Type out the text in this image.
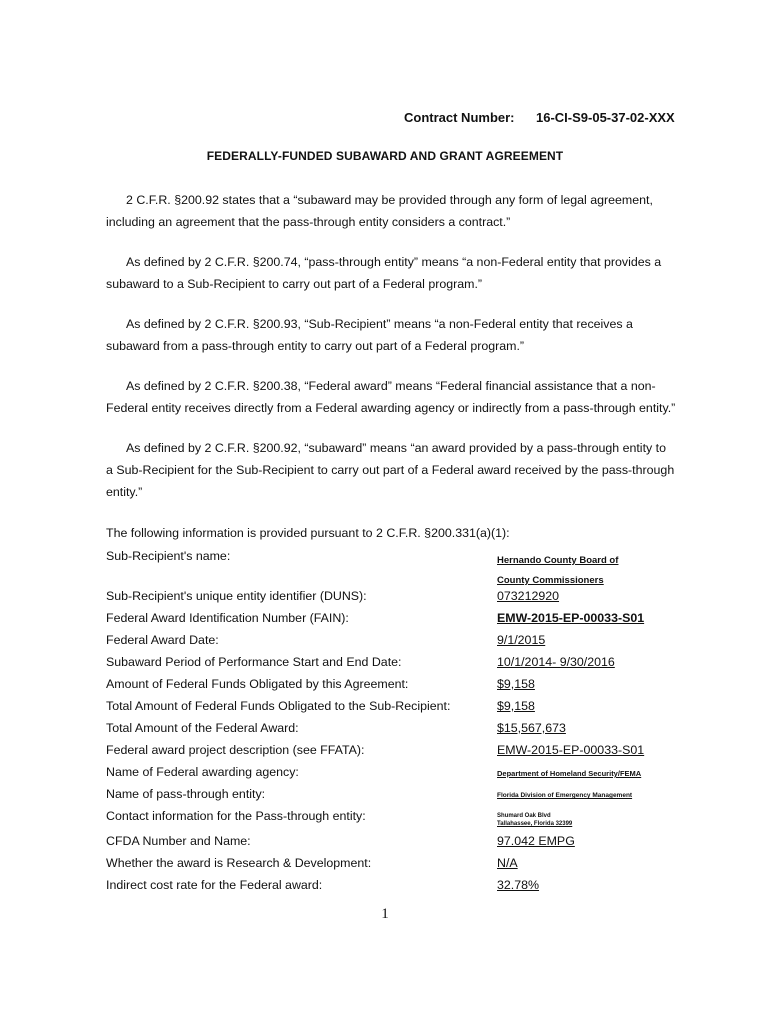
Contract Number: 16-CI-S9-05-37-02-XXX
FEDERALLY-FUNDED SUBAWARD AND GRANT AGREEMENT
2 C.F.R. §200.92 states that a “subaward may be provided through any form of legal agreement, including an agreement that the pass-through entity considers a contract.”
As defined by 2 C.F.R. §200.74, “pass-through entity” means “a non-Federal entity that provides a subaward to a Sub-Recipient to carry out part of a Federal program.”
As defined by 2 C.F.R. §200.93, “Sub-Recipient” means “a non-Federal entity that receives a subaward from a pass-through entity to carry out part of a Federal program.”
As defined by 2 C.F.R. §200.38, “Federal award” means “Federal financial assistance that a non-Federal entity receives directly from a Federal awarding agency or indirectly from a pass-through entity.”
As defined by 2 C.F.R. §200.92, “subaward” means “an award provided by a pass-through entity to a Sub-Recipient for the Sub-Recipient to carry out part of a Federal award received by the pass-through entity.”
The following information is provided pursuant to 2 C.F.R. §200.331(a)(1):
Sub-Recipient's name:	Hernando County Board of
County Commissioners
Sub-Recipient's unique entity identifier (DUNS):	073212920
Federal Award Identification Number (FAIN):	EMW-2015-EP-00033-S01
Federal Award Date:	9/1/2015
Subaward Period of Performance Start and End Date:	10/1/2014- 9/30/2016
Amount of Federal Funds Obligated by this Agreement:	$9,158
Total Amount of Federal Funds Obligated to the Sub-Recipient:	$9,158
Total Amount of the Federal Award:	$15,567,673
Federal award project description (see FFATA):	EMW-2015-EP-00033-S01
Name of Federal awarding agency:	Department of Homeland Security/FEMA
Name of pass-through entity:	Florida Division of Emergency Management
Contact information for the Pass-through entity:	Shumard Oak Blvd
Tallahassee, Florida 32399
CFDA Number and Name:	97.042 EMPG
Whether the award is Research & Development:	N/A
Indirect cost rate for the Federal award:	32.78%
1
